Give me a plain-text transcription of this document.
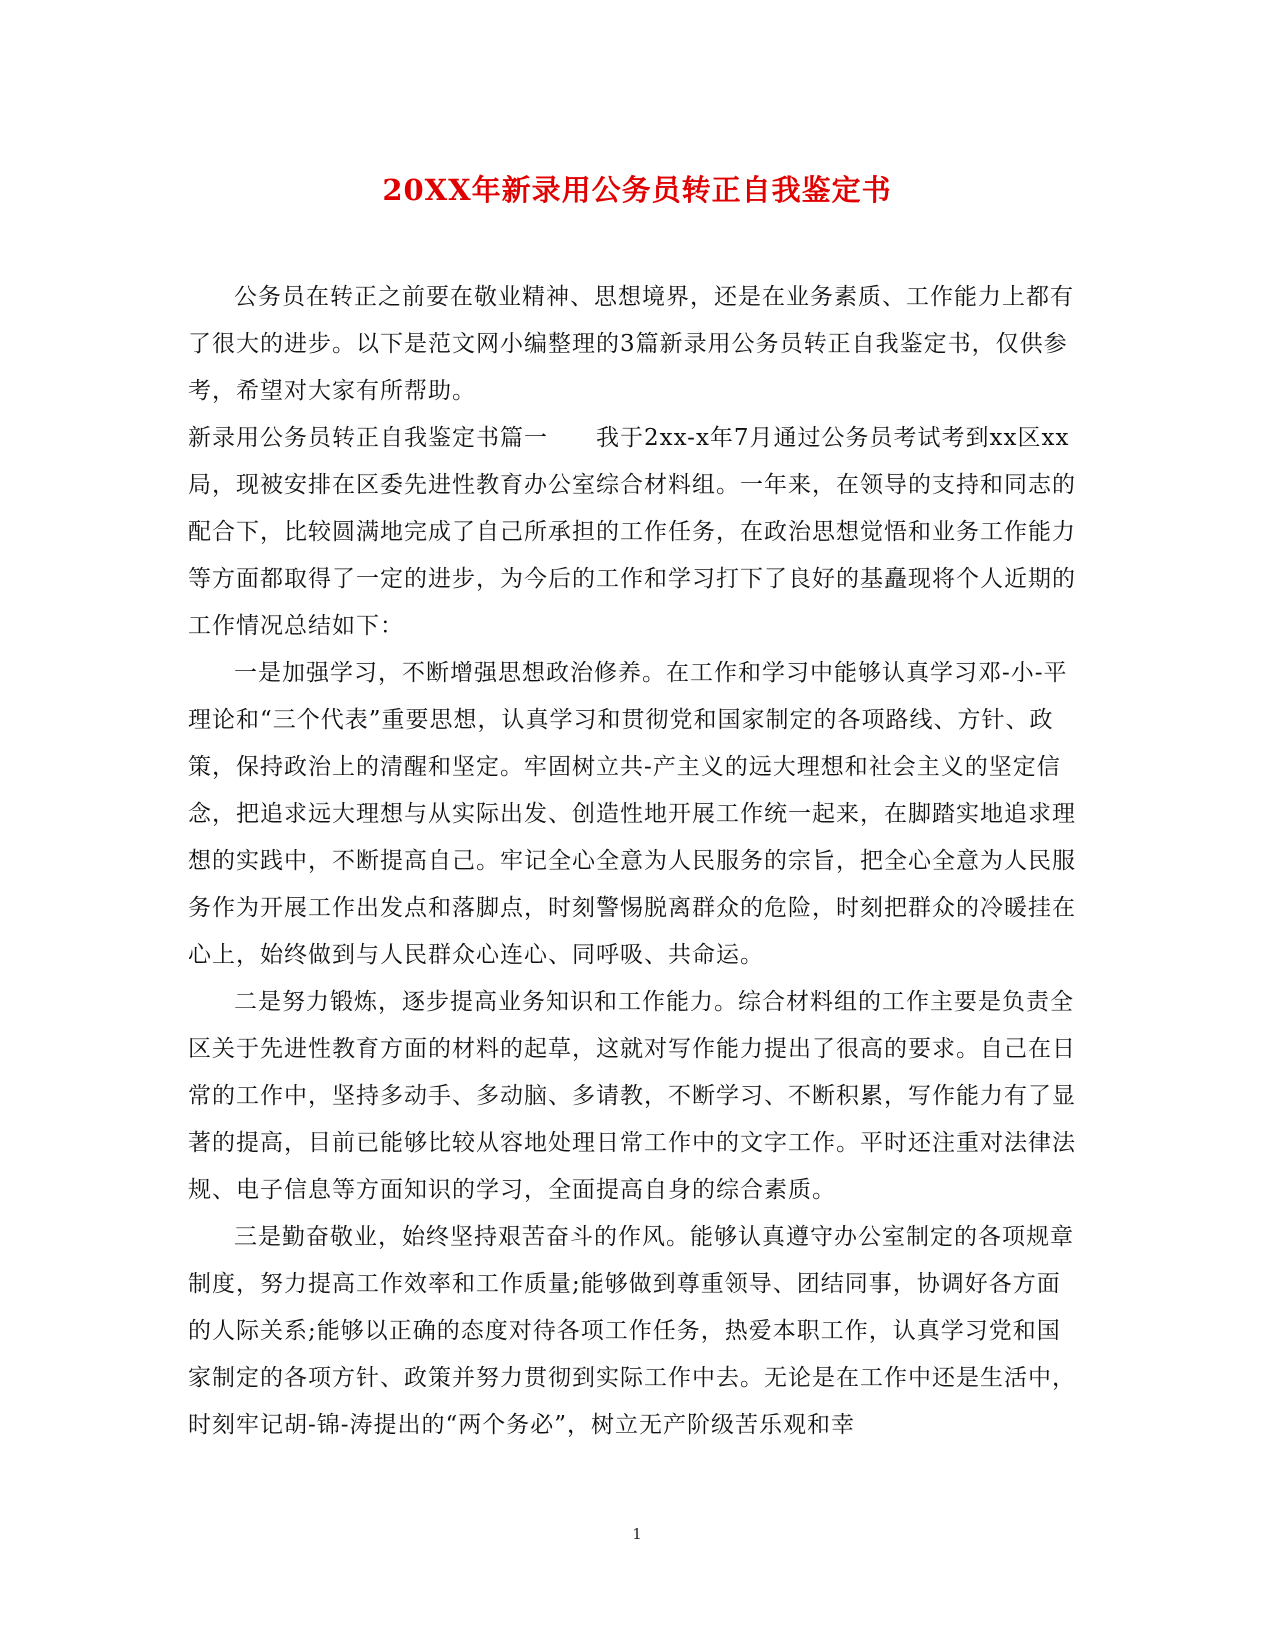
20XX年新录用公务员转正自我鉴定书

公务员在转正之前要在敬业精神、思想境界，还是在业务素质、工作能力上都有了很大的进步。以下是范文网小编整理的3篇新录用公务员转正自我鉴定书，仅供参考，希望对大家有所帮助。

新录用公务员转正自我鉴定书篇一　　我于2xx-x年7月通过公务员考试考到xx区xx局，现被安排在区委先进性教育办公室综合材料组。一年来，在领导的支持和同志的配合下，比较圆满地完成了自己所承担的工作任务，在政治思想觉悟和业务工作能力等方面都取得了一定的进步，为今后的工作和学习打下了良好的基矗现将个人近期的工作情况总结如下：

一是加强学习，不断增强思想政治修养。在工作和学习中能够认真学习邓-小-平理论和“三个代表”重要思想，认真学习和贯彻党和国家制定的各项路线、方针、政策，保持政治上的清醒和坚定。牢固树立共-产主义的远大理想和社会主义的坚定信念，把追求远大理想与从实际出发、创造性地开展工作统一起来，在脚踏实地追求理想的实践中，不断提高自己。牢记全心全意为人民服务的宗旨，把全心全意为人民服务作为开展工作出发点和落脚点，时刻警惕脱离群众的危险，时刻把群众的冷暖挂在心上，始终做到与人民群众心连心、同呼吸、共命运。

二是努力锻炼，逐步提高业务知识和工作能力。综合材料组的工作主要是负责全区关于先进性教育方面的材料的起草，这就对写作能力提出了很高的要求。自己在日常的工作中，坚持多动手、多动脑、多请教，不断学习、不断积累，写作能力有了显著的提高，目前已能够比较从容地处理日常工作中的文字工作。平时还注重对法律法规、电子信息等方面知识的学习，全面提高自身的综合素质。

三是勤奋敬业，始终坚持艰苦奋斗的作风。能够认真遵守办公室制定的各项规章制度，努力提高工作效率和工作质量;能够做到尊重领导、团结同事，协调好各方面的人际关系;能够以正确的态度对待各项工作任务，热爱本职工作，认真学习党和国家制定的各项方针、政策并努力贯彻到实际工作中去。无论是在工作中还是生活中，时刻牢记胡-锦-涛提出的“两个务必”，树立无产阶级苦乐观和幸

1
